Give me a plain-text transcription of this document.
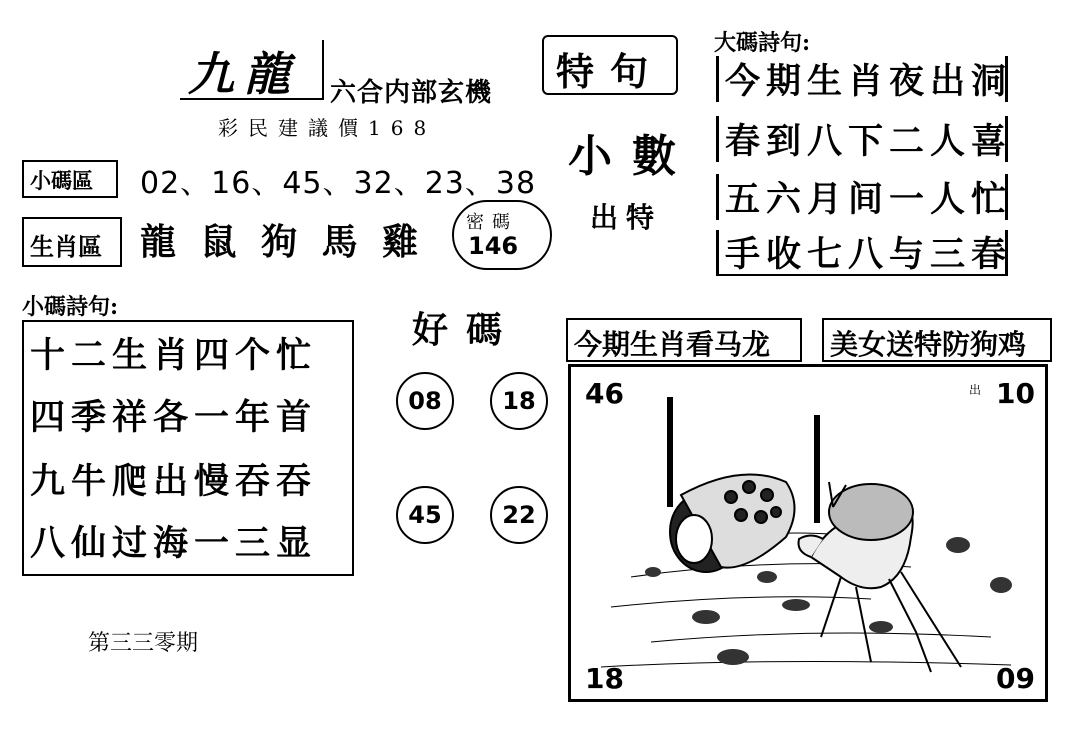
九龍 六合内部玄機
彩民建議價168
小碼區 02、16、45、32、23、38
生肖區 龍 鼠 狗 馬 雞 密碼
146
特句
小數
出特
大碼詩句:
今期生肖夜出洞
春到八下二人喜
五六月间一人忙
手收七八与三春
小碼詩句:
十二生肖四个忙
四季祥各一年首
九牛爬出慢吞吞
八仙过海一三显
好碼
08	18
45	22
今期生肖看马龙 美女送特防狗鸡
46	出 10
18	09
第三三零期
